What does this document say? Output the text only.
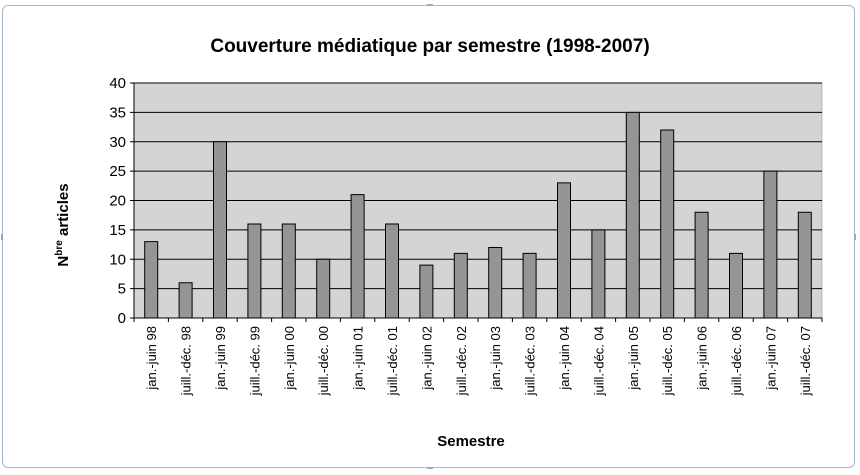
Couverture médiatique par semestre (1998-2007)
0
5
10
15
20
25
30
35
40
jan.-juin 98 juill.-déc. 98 jan.-juin 99 juill.-déc. 99 jan.-juin 00 juill.-déc. 00 jan.-juin 01 juill.-déc. 01 jan.-juin 02 juill.-déc. 02 jan.-juin 03 juill.-déc. 03 jan.-juin 04 juill.-déc. 04 jan.-juin 05 juill.-déc. 05 jan.-juin 06 juill.-déc. 06 jan.-juin 07 juill.-déc. 07
Semestre
$N^{bre}$ articles
